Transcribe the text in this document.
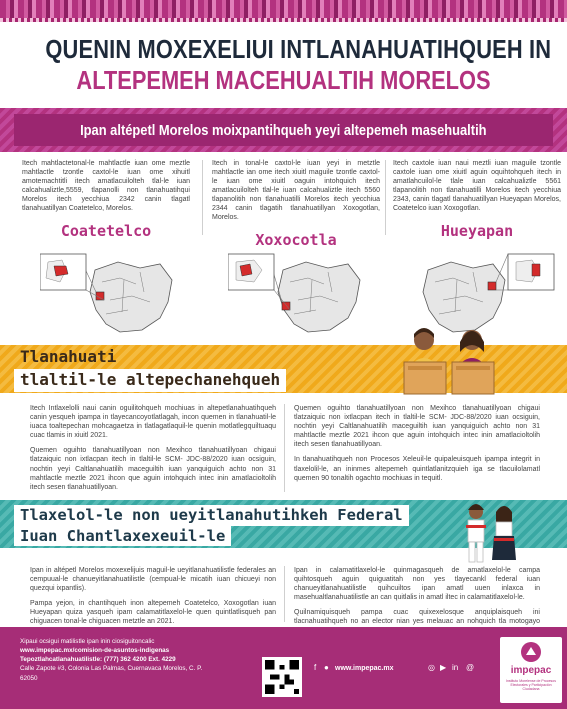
QUENIN MOXEXELIUI INTLANAHUATIHQUEH IN
ALTEPEMEH MACEHUALTIH MORELOS
Ipan altépetl Morelos moixpantihqueh yeyi altepemeh masehualtih
Itech mahtlactetonal-le mahtlactle iuan ome meztle mahtlactle tzontle caxtol-le iuan ome xihuitl amotemachtitli itech amatlacuilolteh tlal-le iuan calcahualiztle,5559, tlapanolli non tlanahuatihqui Morelos itech yecchiua 2342 canin tlagatl tlanahuatillyan Coatetelco, Morelos.
Coatetelco
Itech in tonal-le caxtol-le iuan yeyi in metztle mahtlactle ian ome itech xiuitl maguile tzontle caxtol-le iuan ome xiuitl oaguin intohquich itech amatlacuilolteh tlal-le iuan calcahualiztle itech 5560 tlapanolitih non tlanahuatilli Morelos itech yecchiua 2344 canin tlagatih tlanahuatillyan Xoxogotlan, Morelos.
Xoxocotla
Itech caxtole iuan naui meztli iuan maguile tzontle caxtole iuan ome xiuitl aguin oquihtohqueh itech in amatlahcuilol-le tlale iuan calcahualiztle 5561 tlapanolitih non tlanahuatilli Morelos itech yecchiua 2343, canin tlagatl tlanahuatillyan Hueyapan Morelos, Coatetelco iuan Xoxogotlan.
Hueyapan
Tlanahuati
tlaltil-le altepechanehqueh

Itech Intlaxelolli naui canin oguilitohqueh mochiuas in altepetlanahuatihqueh canin yesqueh ipampa in tlayecancoyotlatlagah, incon quemen in tlanahuatil-le iuaca toaltepechan mohcagaetza in tlatlagatlaquil-le quenin motlatlegquiltuaqu cuac tlamis in xiuitl 2021.

Quemen oguihto tlanahuatillyoan non Mexihco tlanahuatillyoan chigaui tlatzaiquic non ixtlacpan itech in tlaltil-le SCM- JDC-88/2020 iuan ocsiguin, nochtin yeyi Caltlanahuatilih maceguiltih iuan yanquiguich achto non 31 mahtlactle meztle 2021 ihcon que aguin intohquich intec inin amatlacioltolih itech sesen tlanahuatillyoan.

Quemen oguihto tlanahuatillyoan non Mexihco tlanahuatillyoan chigaui tlatzaiquic non ixtlacpan itech in tlaltil-le SCM- JDC-88/2020 iuan ocsiguin, nochtin yeyi Caltlanahuatilih maceguiltih iuan yanquiguich achto non 31 mahtlactle meztle 2021 ihcon que aguin intohquich intec inin amatlacioltolih itech sesen tlanahuatillyoan.

In tlanahuatihqueh non Procesos Xeleuil-le quipaleuisqueh ipampa integrit in tlaxelolil-le, an ininmes altepemeh quintlatlanitzquieh iga se tlacuilolamatl quemen 90 tonaltih ogachto mochiuas in tequitl.

Tlaxelol-le non ueyitlanahutihkeh Federal
Iuan Chantlaxexeuil-le

Ipan in altépetl Morelos moxexelijuis maguil-le ueyitlanahuatilistle federales an cempuual-le chanueyitlanahuatilistle (cempual-le micatih iuan chicueyi non quezqui ixpantlis).

Pampa yejon, in chantihqueh inon altepemeh Coatetelco, Xoxogotlan iuan Hueyapan quiza yasqueh ipam calamatitlaxelol-le quen quintlatlisqueh pan chiguacen tonal-le chiguacen metztle an 2021.

Ipan in calamatitlaxelol-le quinmagasqueh de amatlaxelol-le campa quihtosqueh aguin quiguatitah non yes tlayecankl federal iuan chanueyitlanahuatilistle quihcuiltos ipan amatl uuen inlaxca in masehualtlanahuatilistle an can quitlalis in amatl iltec in calamatitlaxelol-le.

Quilnamiquisqueh pampa cuac quixexelosque anquiplaisqueh ini tlacnahuatihqueh no an elector nian yes melauac an nohquich tla motogayo

Xipaui ocsigui matilistle ipan inin ciosiguitoncalic
www.impepac.mx/comision-de-asuntos-indigenas
Tepoztlahcatlanahuatilistle: (777) 362 4200 Ext. 4229
Calle Zapote #3, Colonia Las Palmas, Cuernavaca Morelos, C. P. 62050
f ●	◎ ▶ in @
www.impepac.mx	impepac
Instituto Morelense de Procesos Electorales y Participación Ciudadana
